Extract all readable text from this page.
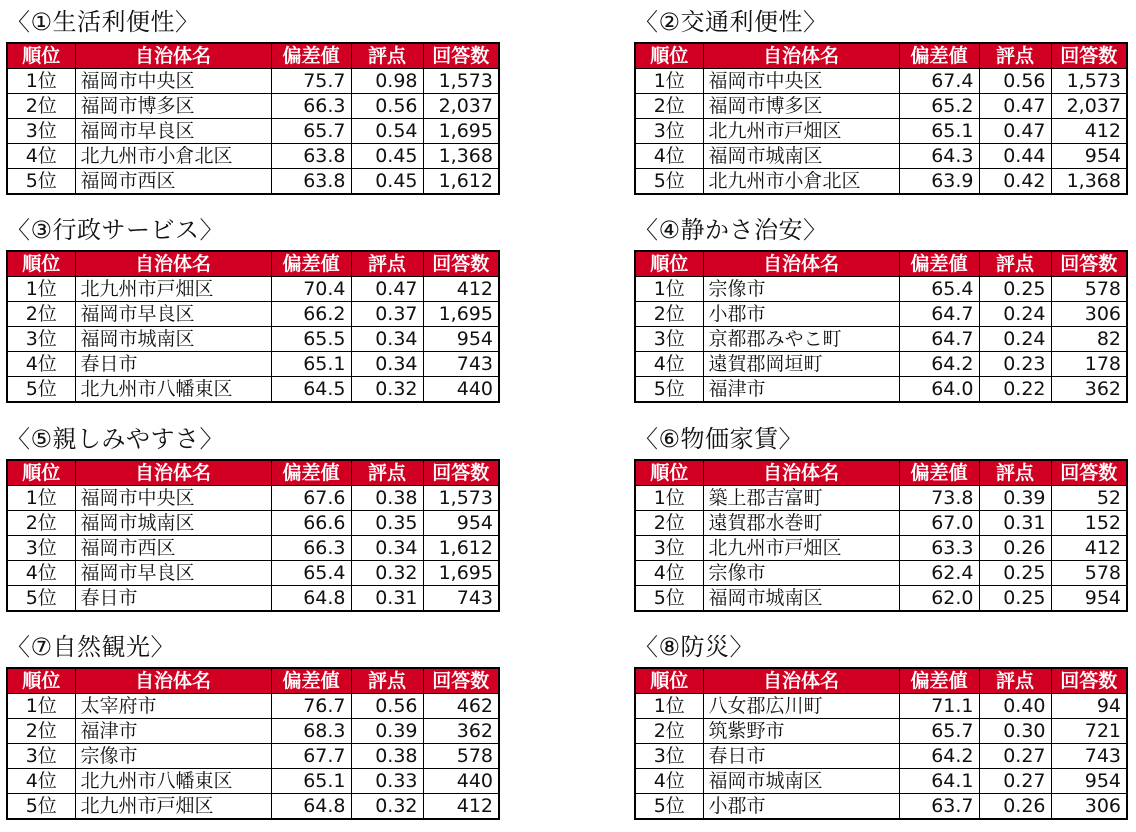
〈①生活利便性〉
順位	自治体名	偏差値	評点	回答数
1位	福岡市中央区	75.7	0.98	1,573
2位	福岡市博多区	66.3	0.56	2,037
3位	福岡市早良区	65.7	0.54	1,695
4位	北九州市小倉北区	63.8	0.45	1,368
5位	福岡市西区	63.8	0.45	1,612
〈②交通利便性〉
順位	自治体名	偏差値	評点	回答数
1位	福岡市中央区	67.4	0.56	1,573
2位	福岡市博多区	65.2	0.47	2,037
3位	北九州市戸畑区	65.1	0.47	412
4位	福岡市城南区	64.3	0.44	954
5位	北九州市小倉北区	63.9	0.42	1,368
〈③行政サービス〉
順位	自治体名	偏差値	評点	回答数
1位	北九州市戸畑区	70.4	0.47	412
2位	福岡市早良区	66.2	0.37	1,695
3位	福岡市城南区	65.5	0.34	954
4位	春日市	65.1	0.34	743
5位	北九州市八幡東区	64.5	0.32	440
〈④静かさ治安〉
順位	自治体名	偏差値	評点	回答数
1位	宗像市	65.4	0.25	578
2位	小郡市	64.7	0.24	306
3位	京都郡みやこ町	64.7	0.24	82
4位	遠賀郡岡垣町	64.2	0.23	178
5位	福津市	64.0	0.22	362
〈⑤親しみやすさ〉
順位	自治体名	偏差値	評点	回答数
1位	福岡市中央区	67.6	0.38	1,573
2位	福岡市城南区	66.6	0.35	954
3位	福岡市西区	66.3	0.34	1,612
4位	福岡市早良区	65.4	0.32	1,695
5位	春日市	64.8	0.31	743
〈⑥物価家賃〉
順位	自治体名	偏差値	評点	回答数
1位	築上郡吉富町	73.8	0.39	52
2位	遠賀郡水巻町	67.0	0.31	152
3位	北九州市戸畑区	63.3	0.26	412
4位	宗像市	62.4	0.25	578
5位	福岡市城南区	62.0	0.25	954
〈⑦自然観光〉
順位	自治体名	偏差値	評点	回答数
1位	太宰府市	76.7	0.56	462
2位	福津市	68.3	0.39	362
3位	宗像市	67.7	0.38	578
4位	北九州市八幡東区	65.1	0.33	440
5位	北九州市戸畑区	64.8	0.32	412
〈⑧防災〉
順位	自治体名	偏差値	評点	回答数
1位	八女郡広川町	71.1	0.40	94
2位	筑紫野市	65.7	0.30	721
3位	春日市	64.2	0.27	743
4位	福岡市城南区	64.1	0.27	954
5位	小郡市	63.7	0.26	306
